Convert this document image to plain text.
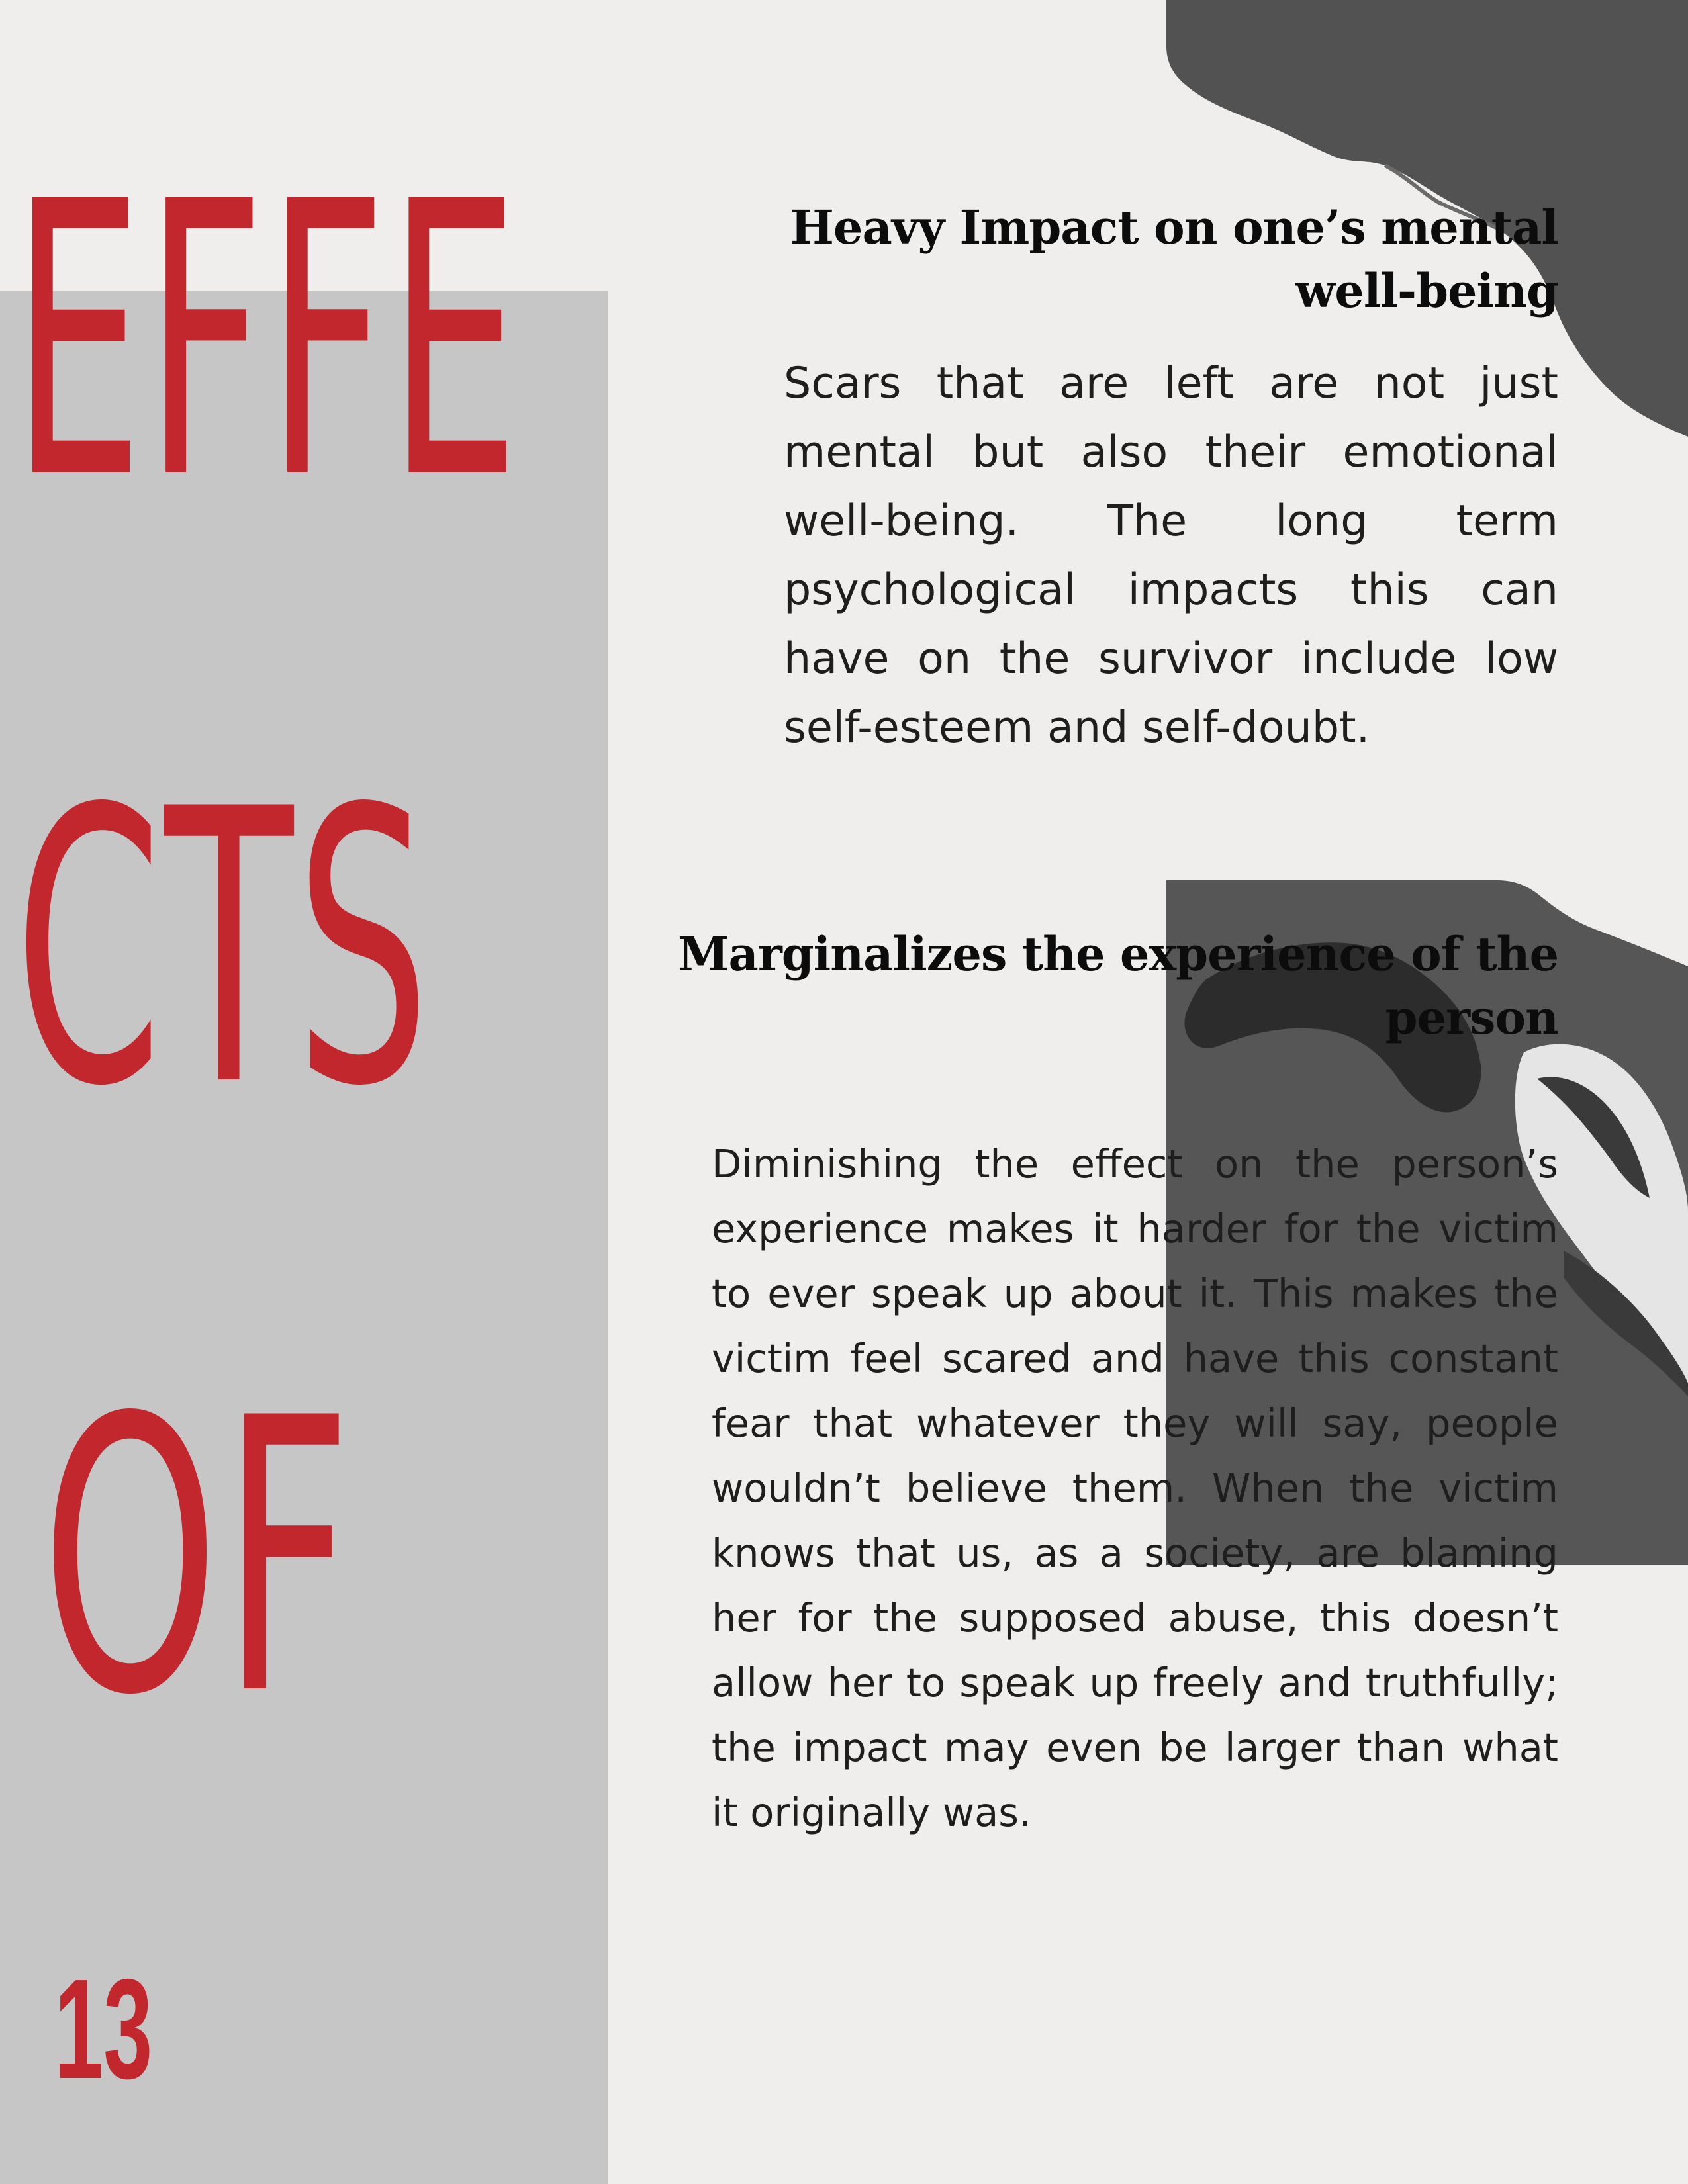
EFFE
CTS
OF
13
Heavy Impact on one’s mental well-being

Scars that are left are not just mental but also their emotional well-being. The long term psychological impacts this can have on the survivor include low self-esteem and self-doubt.

Marginalizes the experience of the person

Diminishing the effect on the person’s experience makes it harder for the victim to ever speak up about it. This makes the victim feel scared and have this constant fear that whatever they will say, people wouldn’t believe them. When the victim knows that us, as a society, are blaming her for the supposed abuse, this doesn’t allow her to speak up freely and truthfully; the impact may even be larger than what it originally was.
